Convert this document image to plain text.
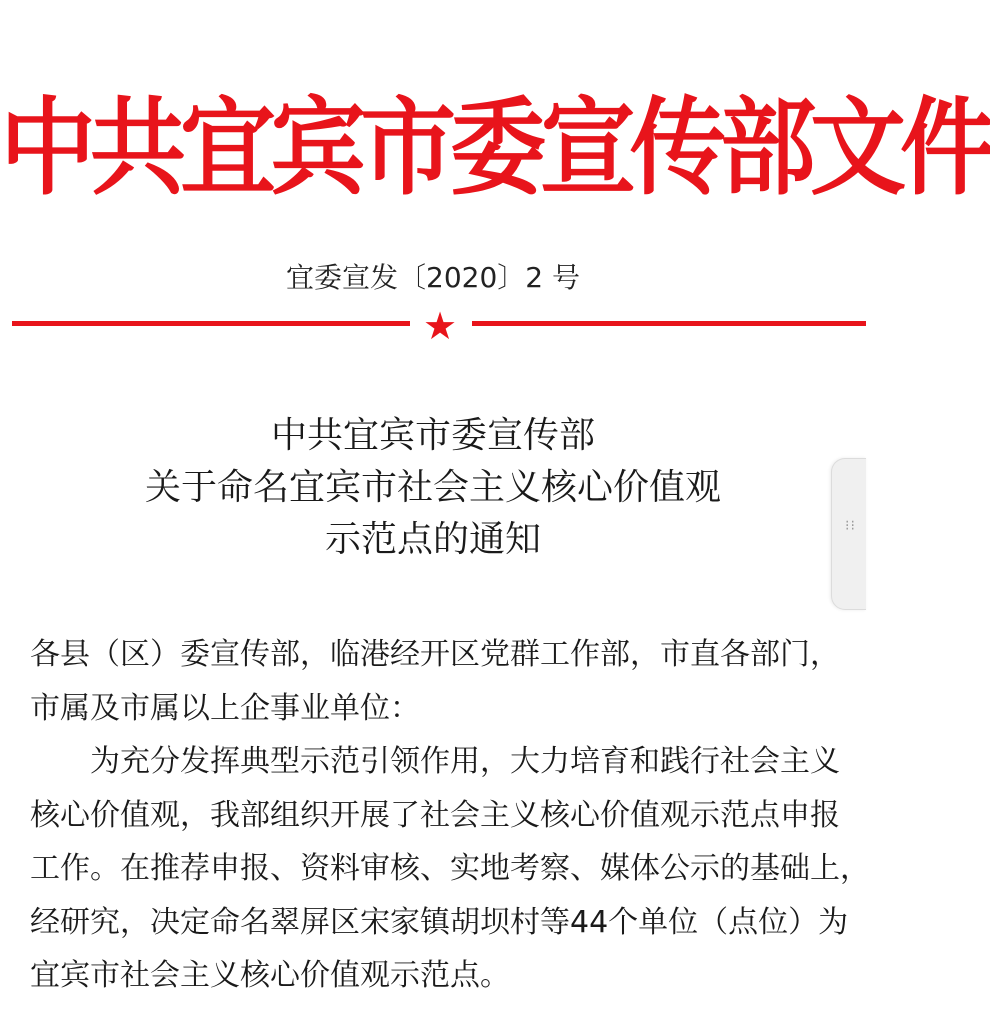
中共宜宾市委宣传部文件
宜委宣发〔2020〕2 号
★
中共宜宾市委宣传部
关于命名宜宾市社会主义核心价值观
示范点的通知

各县（区）委宣传部，临港经开区党群工作部，市直各部门，

市属及市属以上企事业单位：

为充分发挥典型示范引领作用，大力培育和践行社会主义

核心价值观，我部组织开展了社会主义核心价值观示范点申报

工作。在推荐申报、资料审核、实地考察、媒体公示的基础上，

经研究，决定命名翠屏区宋家镇胡坝村等44个单位（点位）为

宜宾市社会主义核心价值观示范点。

⁝⁝
